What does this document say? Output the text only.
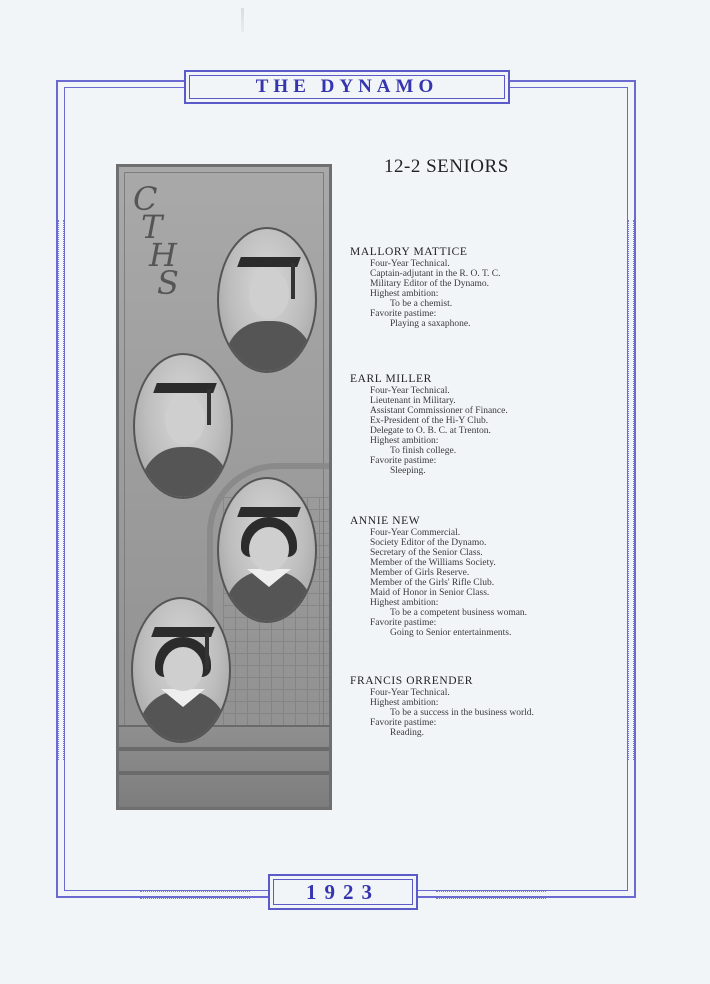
THE DYNAMO
C
T
H
S
12-2 SENIORS
MALLORY MATTICE
Four-Year Technical.
Captain-adjutant in the R. O. T. C.
Military Editor of the Dynamo.
Highest ambition:
To be a chemist.
Favorite pastime:
Playing a saxaphone.
EARL MILLER
Four-Year Technical.
Lieutenant in Military.
Assistant Commissioner of Finance.
Ex-President of the Hi-Y Club.
Delegate to O. B. C. at Trenton.
Highest ambition:
To finish college.
Favorite pastime:
Sleeping.
ANNIE NEW
Four-Year Commercial.
Society Editor of the Dynamo.
Secretary of the Senior Class.
Member of the Williams Society.
Member of Girls Reserve.
Member of the Girls' Rifle Club.
Maid of Honor in Senior Class.
Highest ambition:
To be a competent business woman.
Favorite pastime:
Going to Senior entertainments.
FRANCIS ORRENDER
Four-Year Technical.
Highest ambition:
To be a success in the business world.
Favorite pastime:
Reading.
1923
